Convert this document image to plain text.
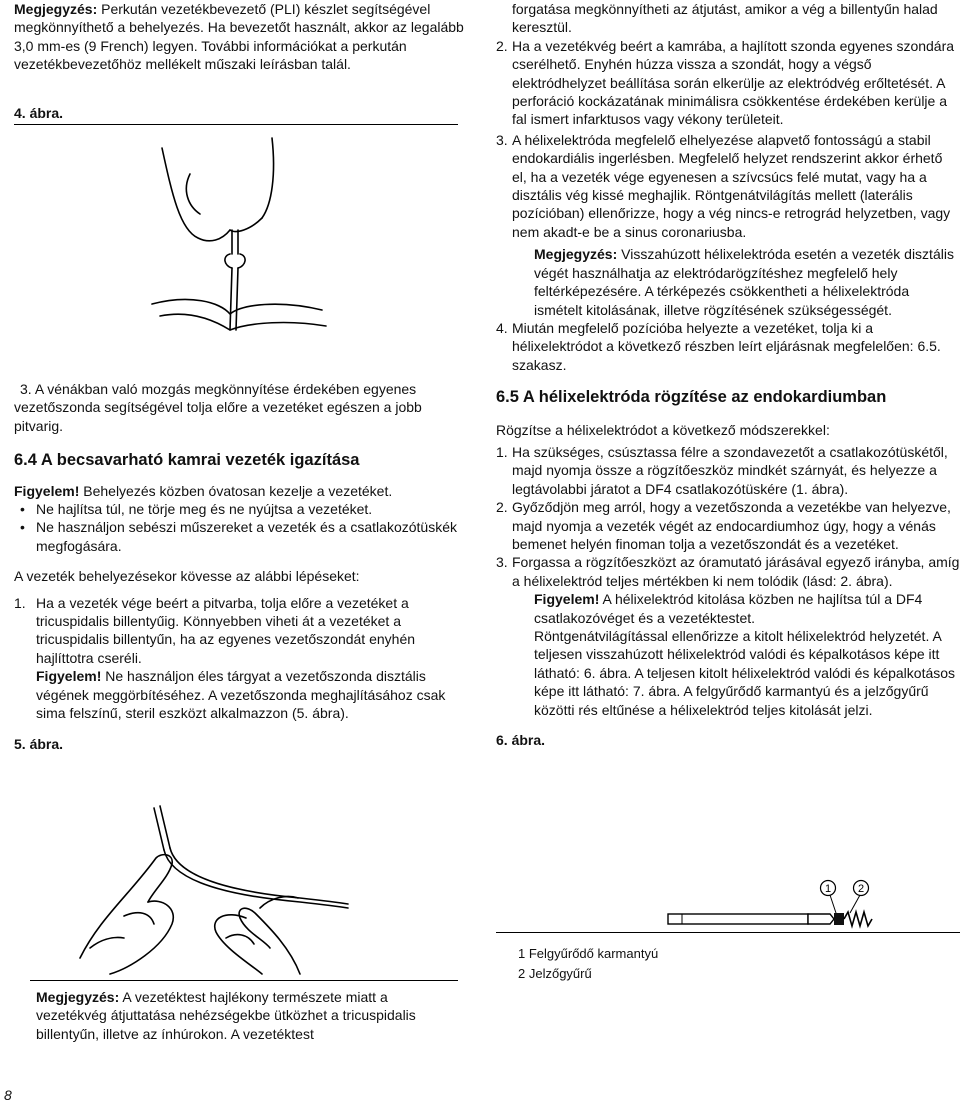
Megjegyzés: Perkután vezetékbevezető (PLI) készlet segítségével megkönnyíthető a behelyezés. Ha bevezetőt használt, akkor az legalább 3,0 mm-es (9 French) legyen. További információkat a perkután vezetékbevezetőhöz mellékelt műszaki leírásban talál.

4. ábra.

3. A vénákban való mozgás megkönnyítése érdekében egyenes vezetőszonda segítségével tolja előre a vezetéket egészen a jobb pitvarig.

6.4 A becsavarható kamrai vezeték igazítása

Figyelem! Behelyezés közben óvatosan kezelje a vezetéket.

• Ne hajlítsa túl, ne törje meg és ne nyújtsa a vezetéket.

• Ne használjon sebészi műszereket a vezeték és a csatlakozótüskék megfogására.

A vezeték behelyezésekor kövesse az alábbi lépéseket:

1. Ha a vezeték vége beért a pitvarba, tolja előre a vezetéket a tricuspidalis billentyűig. Könnyebben viheti át a vezetéket a tricuspidalis billentyűn, ha az egyenes vezetőszondát enyhén hajlíttotra cseréli.

Figyelem! Ne használjon éles tárgyat a vezetőszonda disztális végének meggörbítéséhez. A vezetőszonda meghajlításához csak sima felszínű, steril eszközt alkalmazzon (5. ábra).

5. ábra.

Megjegyzés: A vezetéktest hajlékony természete miatt a vezetékvég átjuttatása nehézségekbe ütközhet a tricuspidalis billentyűn, illetve az ínhúrokon. A vezetéktest

8

forgatása megkönnyítheti az átjutást, amikor a vég a billentyűn halad keresztül.

2. Ha a vezetékvég beért a kamrába, a hajlított szonda egyenes szondára cserélhető. Enyhén húzza vissza a szondát, hogy a végső elektródhelyzet beállítása során elkerülje az elektródvég erőltetését. A perforáció kockázatának minimálisra csökkentése érdekében kerülje a fal ismert infarktusos vagy vékony területeit.

3. A hélixelektróda megfelelő elhelyezése alapvető fontosságú a stabil endokardiális ingerlésben. Megfelelő helyzet rendszerint akkor érhető el, ha a vezeték vége egyenesen a szívcsúcs felé mutat, vagy ha a disztális vég kissé meghajlik. Röntgenátvilágítás mellett (laterális pozícióban) ellenőrizze, hogy a vég nincs-e retrográd helyzetben, vagy nem akadt-e be a sinus coronariusba.

Megjegyzés: Visszahúzott hélixelektróda esetén a vezeték disztális végét használhatja az elektródarögzítéshez megfelelő hely feltérképezésére. A térképezés csökkentheti a hélixelektróda ismételt kitolásának, illetve rögzítésének szükségességét.

4. Miután megfelelő pozícióba helyezte a vezetéket, tolja ki a hélixelektródot a következő részben leírt eljárásnak megfelelően: 6.5. szakasz.

6.5 A hélixelektróda rögzítése az endokardiumban

Rögzítse a hélixelektródot a következő módszerekkel:

1. Ha szükséges, csúsztassa félre a szondavezetőt a csatlakozótüskétől, majd nyomja össze a rögzítőeszköz mindkét szárnyát, és helyezze a legtávolabbi járatot a DF4 csatlakozótüskére (1. ábra).

2. Győződjön meg arról, hogy a vezetőszonda a vezetékbe van helyezve, majd nyomja a vezeték végét az endocardiumhoz úgy, hogy a vénás bemenet helyén finoman tolja a vezetőszondát és a vezetéket.

3. Forgassa a rögzítőeszközt az óramutató járásával egyező irányba, amíg a hélixelektród teljes mértékben ki nem tolódik (lásd: 2. ábra).

Figyelem! A hélixelektród kitolása közben ne hajlítsa túl a DF4 csatlakozóvéget és a vezetéktestet.

Röntgenátvilágítással ellenőrizze a kitolt hélixelektród helyzetét. A teljesen visszahúzott hélixelektród valódi és képalkotásos képe itt látható: 6. ábra. A teljesen kitolt hélixelektród valódi és képalkotásos képe itt látható: 7. ábra. A felgyűrődő karmantyú és a jelzőgyűrű közötti rés eltűnése a hélixelektród teljes kitolását jelzi.

6. ábra.

1 2

1 Felgyűrődő karmantyú

2 Jelzőgyűrű
